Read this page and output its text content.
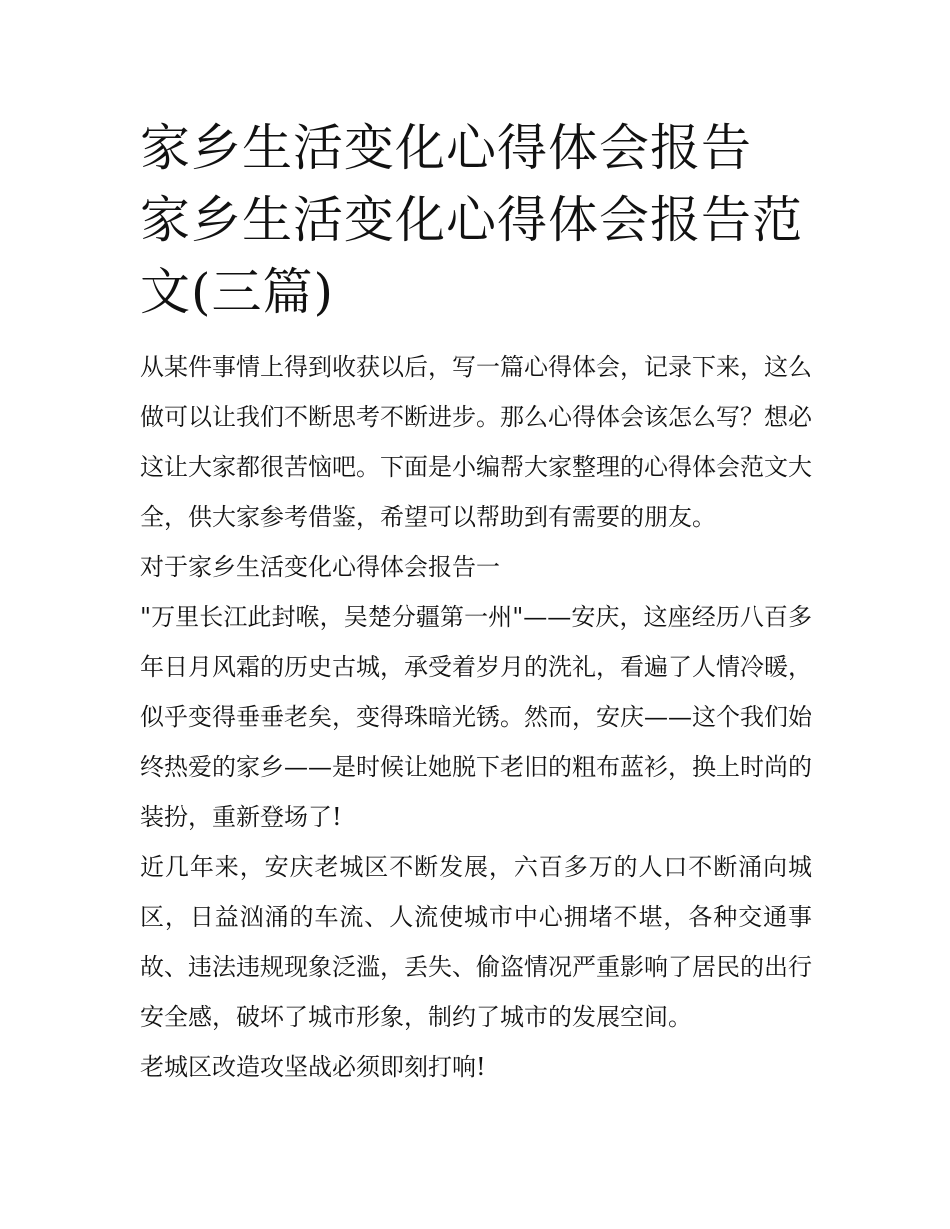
家乡生活变化心得体会报告 家乡生活变化心得体会报告范文(三篇)

从某件事情上得到收获以后，写一篇心得体会，记录下来，这么做可以让我们不断思考不断进步。那么心得体会该怎么写？想必这让大家都很苦恼吧。下面是小编帮大家整理的心得体会范文大全，供大家参考借鉴，希望可以帮助到有需要的朋友。

对于家乡生活变化心得体会报告一

"万里长江此封喉，吴楚分疆第一州"——安庆，这座经历八百多年日月风霜的历史古城，承受着岁月的洗礼，看遍了人情冷暖，似乎变得垂垂老矣，变得珠暗光锈。然而，安庆——这个我们始终热爱的家乡——是时候让她脱下老旧的粗布蓝衫，换上时尚的装扮，重新登场了!

近几年来，安庆老城区不断发展，六百多万的人口不断涌向城区，日益汹涌的车流、人流使城市中心拥堵不堪，各种交通事故、违法违规现象泛滥，丢失、偷盗情况严重影响了居民的出行安全感，破坏了城市形象，制约了城市的发展空间。

老城区改造攻坚战必须即刻打响!
